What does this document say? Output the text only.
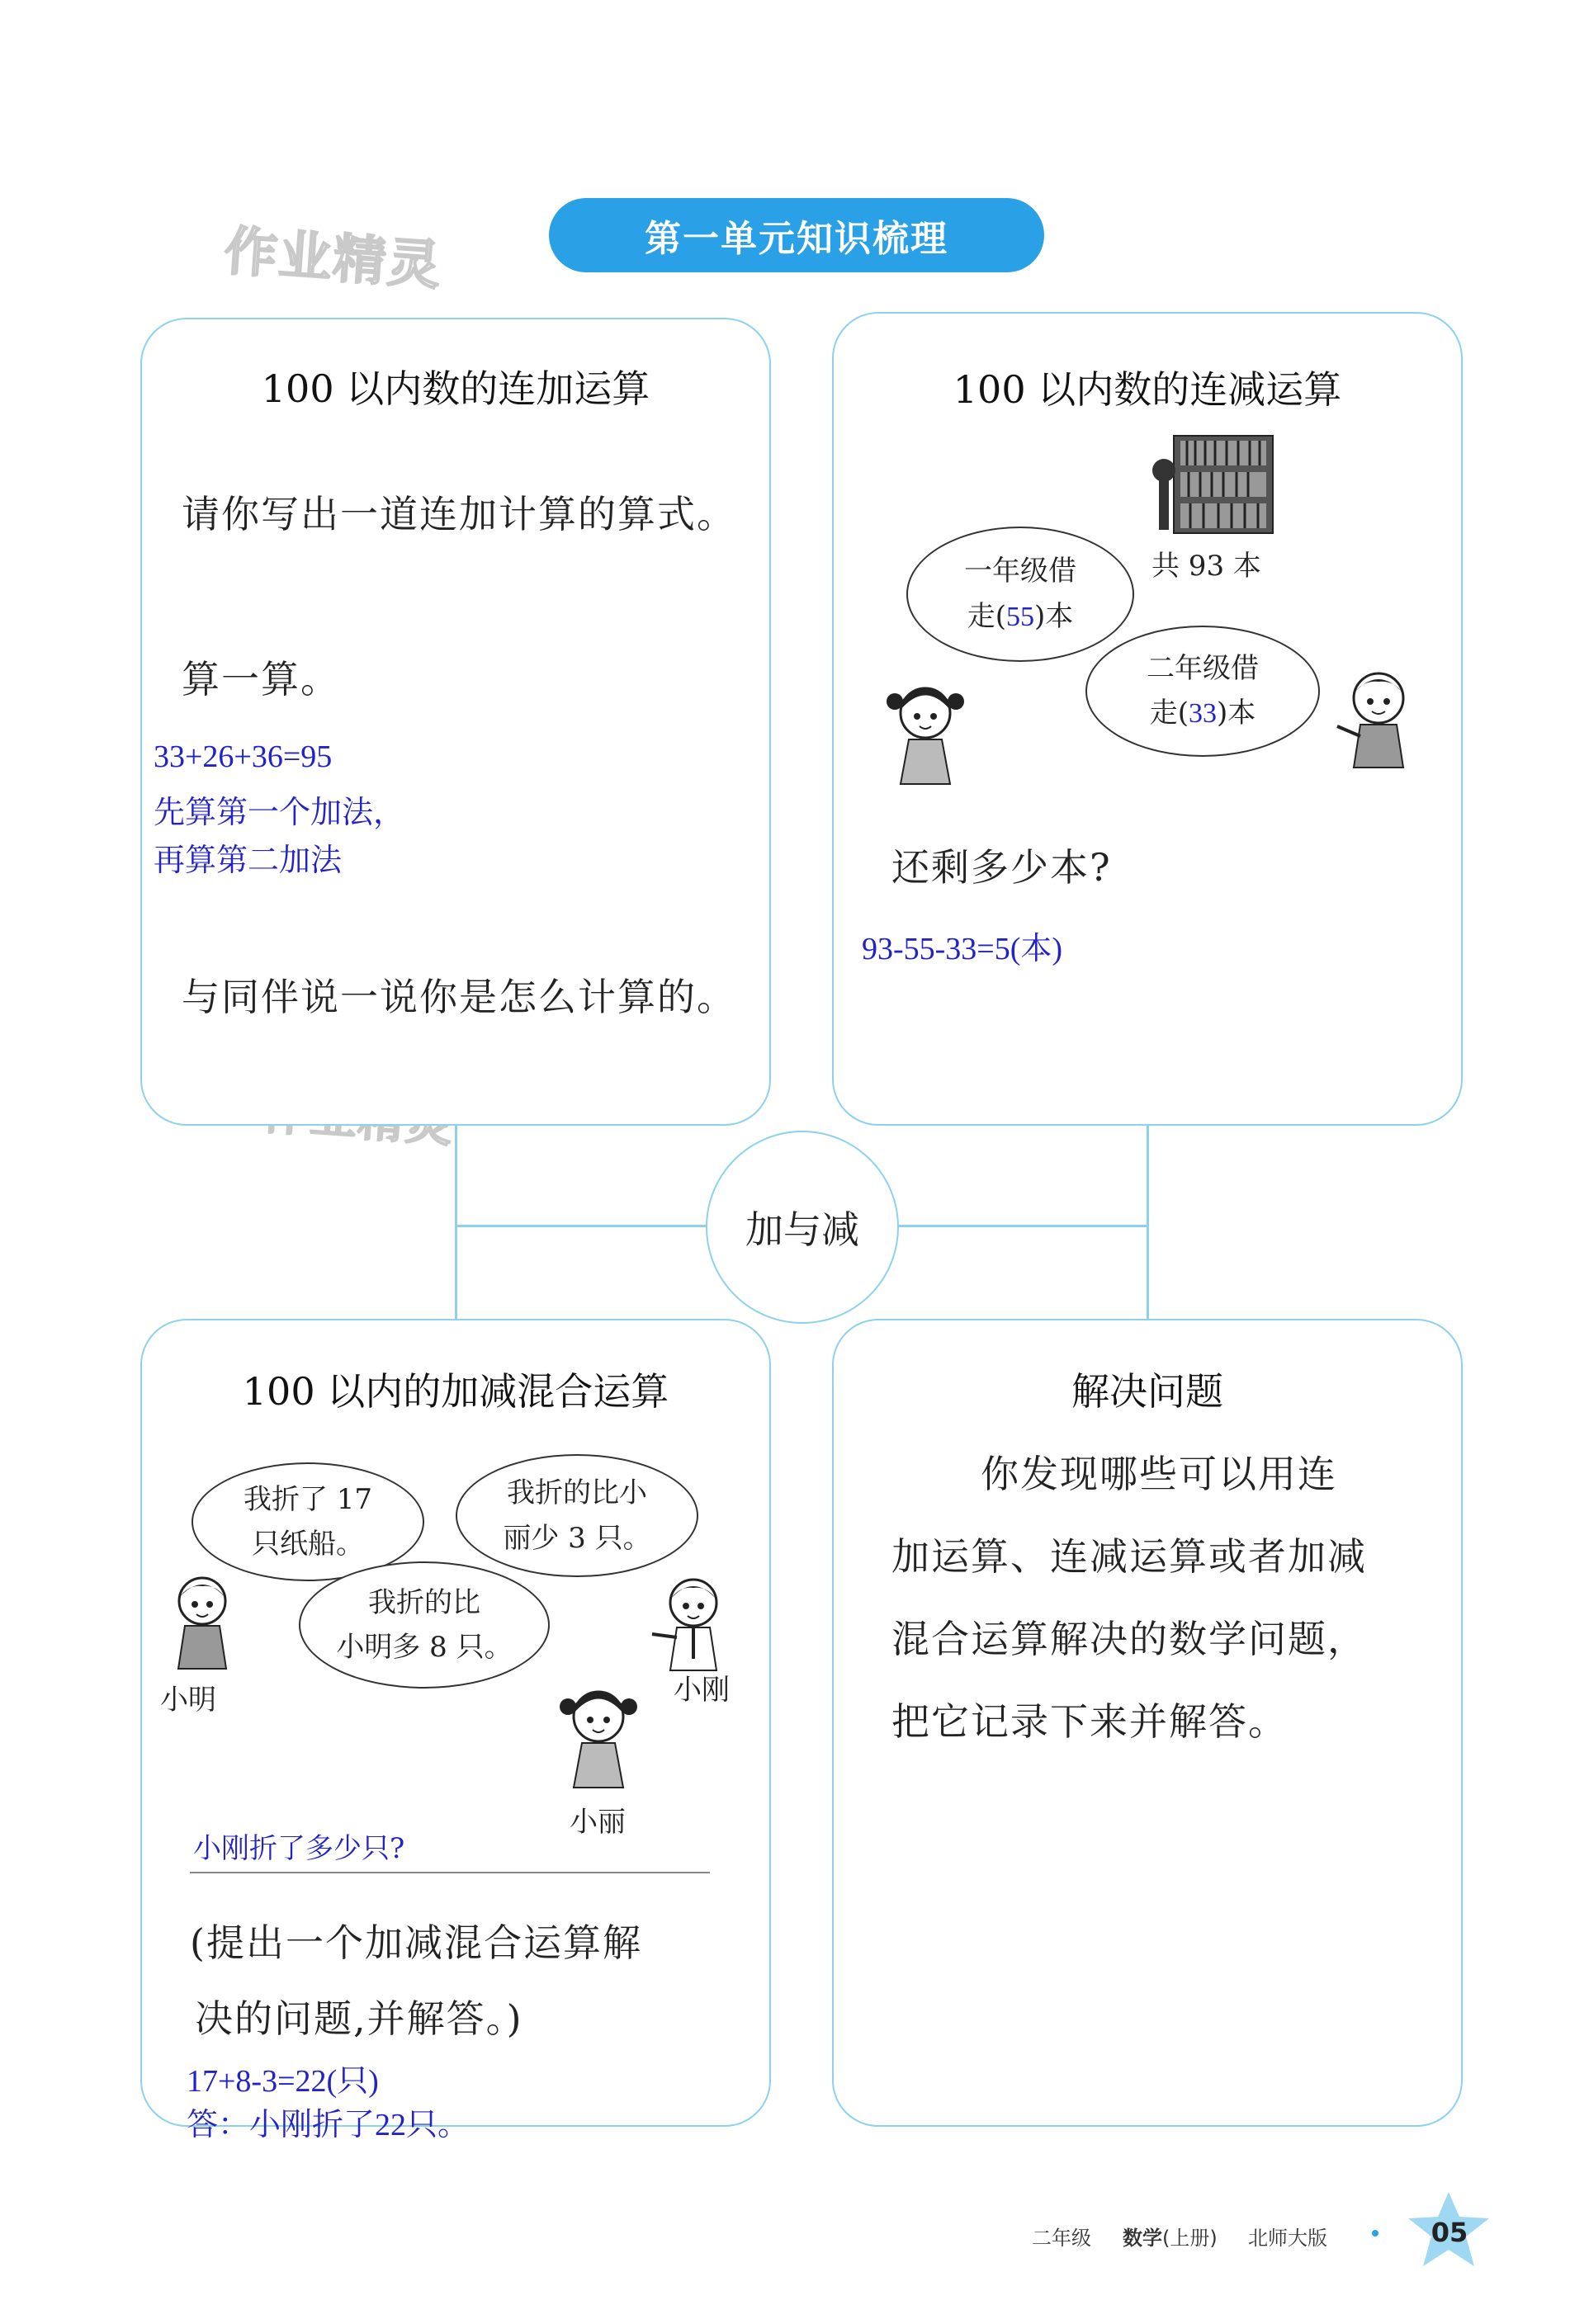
作业精灵	第一单元知识梳理
加与减
100 以内数的连加运算
请你写出一道连加计算的算式。
算一算。
33+26+36=95
先算第一个加法，
再算第二加法
与同伴说一说你是怎么计算的。
100 以内数的连减运算
共 93 本
一年级借
走(55)本
二年级借
走(33)本
还剩多少本?
93-55-33=5(本)
100 以内的加减混合运算
我折了 17
只纸船。
我折的比小
丽少 3 只。
我折的比
小明多 8 只。
小明	小刚
小丽
小刚折了多少只?
(提出一个加减混合运算解
决的问题,并解答。)
17+8-3=22(只)
答：小刚折了22只。
解决问题
你发现哪些可以用连
加运算、连减运算或者加减
混合运算解决的数学问题，
把它记录下来并解答。
二年级 数学(上册) 北师大版	05
